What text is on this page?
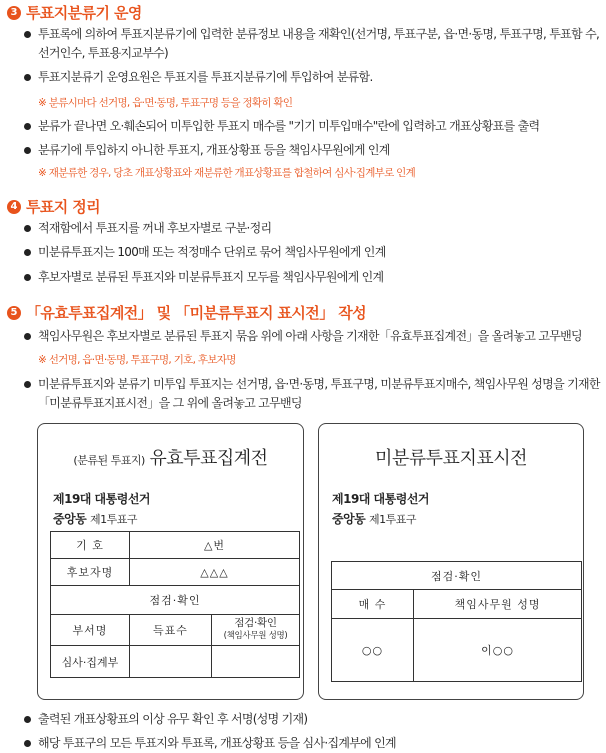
3 투표지분류기 운영
투표록에 의하여 투표지분류기에 입력한 분류정보 내용을 재확인(선거명, 투표구분, 읍·면·동명, 투표구명, 투표함 수, 선거인수, 투표용지교부수)
투표지분류기 운영요원은 투표지를 투표지분류기에 투입하여 분류함.
※ 분류시마다 선거명, 읍·면·동명, 투표구명 등을 정확히 확인
분류가 끝나면 오·훼손되어 미투입한 투표지 매수를 "기기 미투입매수"란에 입력하고 개표상황표를 출력
분류기에 투입하지 아니한 투표지, 개표상황표 등을 책임사무원에게 인계
※ 재분류한 경우, 당초 개표상황표와 재분류한 개표상황표를 합철하여 심사·집계부로 인계
4 투표지 정리
적재함에서 투표지를 꺼내 후보자별로 구분·정리
미분류투표지는 100매 또는 적정매수 단위로 묶어 책임사무원에게 인계
후보자별로 분류된 투표지와 미분류투표지 모두를 책임사무원에게 인계
5 「유효투표집계전」 및 「미분류투표지 표시전」 작성
책임사무원은 후보자별로 분류된 투표지 묶음 위에 아래 사항을 기재한「유효투표집계전」을 올려놓고 고무밴딩
※ 선거명, 읍·면·동명, 투표구명, 기호, 후보자명
미분류투표지와 분류기 미투입 투표지는 선거명, 읍·면·동명, 투표구명, 미분류투표지매수, 책임사무원 성명을 기재한「미분류투표지표시전」을 그 위에 올려놓고 고무밴딩
(분류된 투표지) 유효투표집계전
제19대 대통령선거
중앙동 제1투표구
기 호	△번	
후보자명	△△△	
점검·확인		
부서명	득표수	점검·확인
(책임사무원 성명)

심사·집계부		
미분류투표지표시전
제19대 대통령선거
중앙동 제1투표구
점검·확인	
매 수	책임사무원 성명
○○	이○○
출력된 개표상황표의 이상 유무 확인 후 서명(성명 기재)
해당 투표구의 모든 투표지와 투표록, 개표상황표 등을 심사·집계부에 인계
